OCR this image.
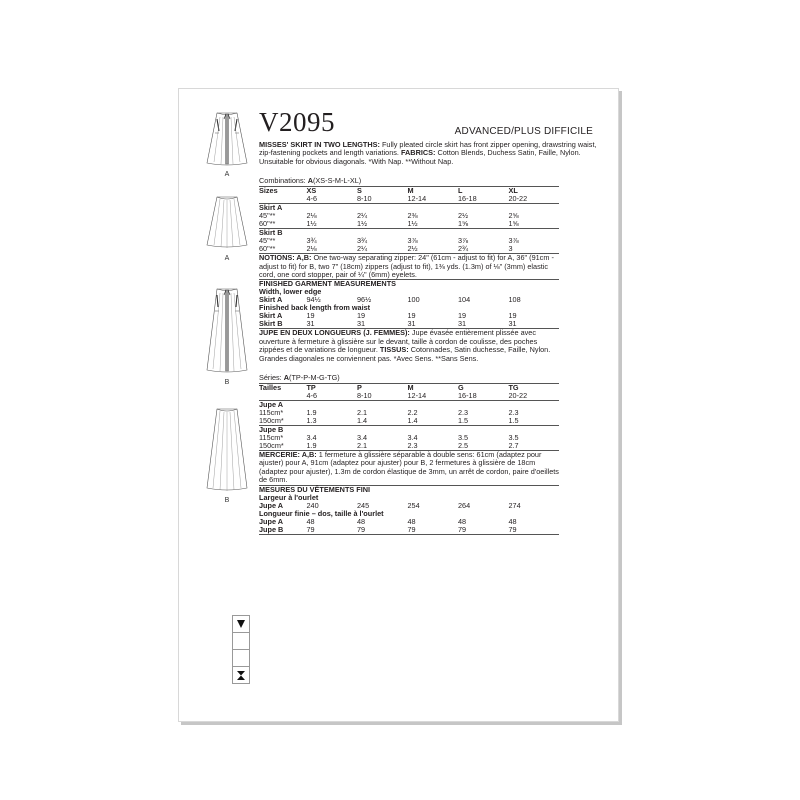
A
A
B
B
V2095	ADVANCED/PLUS DIFFICILE

MISSES' SKIRT IN TWO LENGTHS: Fully pleated circle skirt has front zipper opening, drawstring waist, zip-fastening pockets and length variations. FABRICS: Cotton Blends, Duchess Satin, Faille, Nylon. Unsuitable for obvious diagonals. *With Nap. **Without Nap.

Combinations: A(XS-S-M-L-XL)
Sizes	XS	S	M	L	XL
	4-6	8-10	12-14	16-18	20-22
Skirt A					
45"**	2⅛	2¼	2⅜	2½	2⅝
60"**	1½	1½	1½	1⅝	1⅝
Skirt B					
45"**	3¾	3¾	3⅞	3⅞	3⅞
60"**	2⅛	2¼	2½	2¾	3
NOTIONS: A,B: One two-way separating zipper: 24" (61cm - adjust to fit) for A, 36" (91cm - adjust to fit) for B, two 7" (18cm) zippers (adjust to fit), 1⅜ yds. (1.3m) of ⅛" (3mm) elastic cord, one cord stopper, pair of ¼" (6mm) eyelets.
FINISHED GARMENT MEASUREMENTS					
Width, lower edge					
Skirt A	94½	96½	100	104	108
Finished back length from waist					
Skirt A	19	19	19	19	19
Skirt B	31	31	31	31	31
JUPE EN DEUX LONGUEURS (J. FEMMES): Jupe évasée entièrement plissée avec ouverture à fermeture à glissière sur le devant, taille à cordon de coulisse, des poches zippées et de variations de longueur. TISSUS: Cotonnades, Satin duchesse, Faille, Nylon. Grandes diagonales ne conviennent pas. *Avec Sens. **Sans Sens.
Séries: A(TP-P-M-G-TG)
Tailles	TP	P	M	G	TG
	4-6	8-10	12-14	16-18	20-22
Jupe A					
115cm*	1.9	2.1	2.2	2.3	2.3
150cm*	1.3	1.4	1.4	1.5	1.5
Jupe B					
115cm*	3.4	3.4	3.4	3.5	3.5
150cm*	1.9	2.1	2.3	2.5	2.7
MERCERIE: A,B: 1 fermeture à glissière séparable à double sens: 61cm (adaptez pour ajuster) pour A, 91cm (adaptez pour ajuster) pour B, 2 fermetures à glissière de 18cm (adaptez pour ajuster), 1.3m de cordon élastique de 3mm, un arrêt de cordon, paire d'oeillets de 6mm.
MESURES DU VÊTEMENTS FINI					
Largeur à l'ourlet					
Jupe A	240	245	254	264	274
Longueur finie – dos, taille à l'ourlet					
Jupe A	48	48	48	48	48
Jupe B	79	79	79	79	79
